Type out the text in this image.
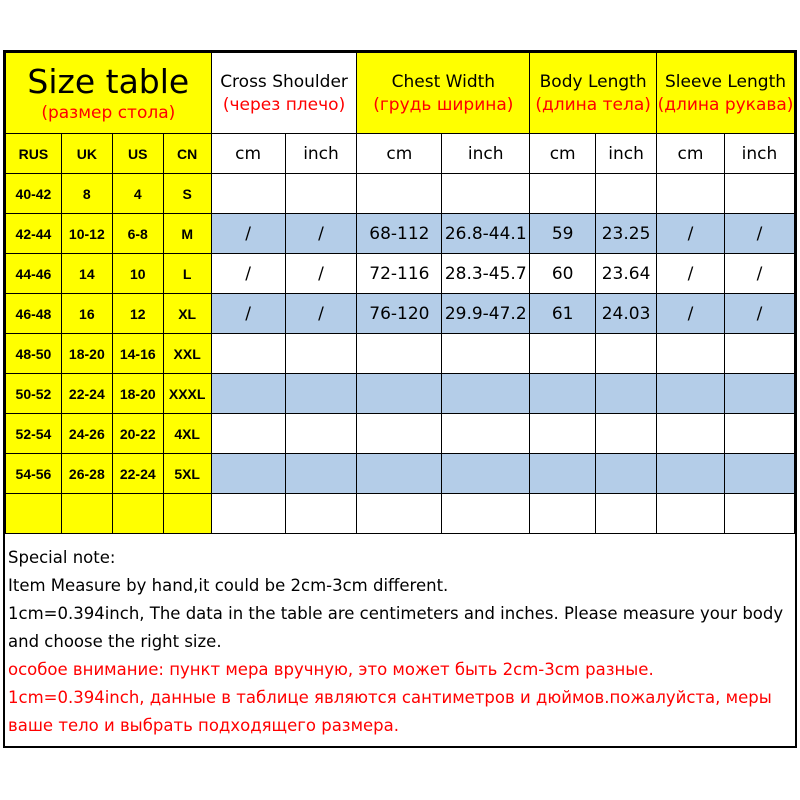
Size table
(размер стола)				Cross Shoulder
(через плечо)		Chest Width
(грудь ширина)		Body Length
(длина тела)		Sleeve Length
(длина рукава)	

RUS	UK	US	CN	cm	inch	cm	inch	cm	inch	cm	inch
40-42	8	4	S								
42-44	10-12	6-8	M	/	/	68-112	26.8-44.1	59	23.25	/	/
44-46	14	10	L	/	/	72-116	28.3-45.7	60	23.64	/	/
46-48	16	12	XL	/	/	76-120	29.9-47.2	61	24.03	/	/
48-50	18-20	14-16	XXL								
50-52	22-24	18-20	XXXL								
52-54	24-26	20-22	4XL								
54-56	26-28	22-24	5XL								

Special note:
Item Measure by hand,it could be 2cm-3cm different.
1cm=0.394inch, The data in the table are centimeters and inches. Please measure your body and choose the right size.
особое внимание: пункт мера вручную, это может быть 2cm-3cm разные.
1cm=0.394inch, данные в таблице являются сантиметров и дюймов.пожалуйста, меры ваше тело и выбрать подходящего размера.
